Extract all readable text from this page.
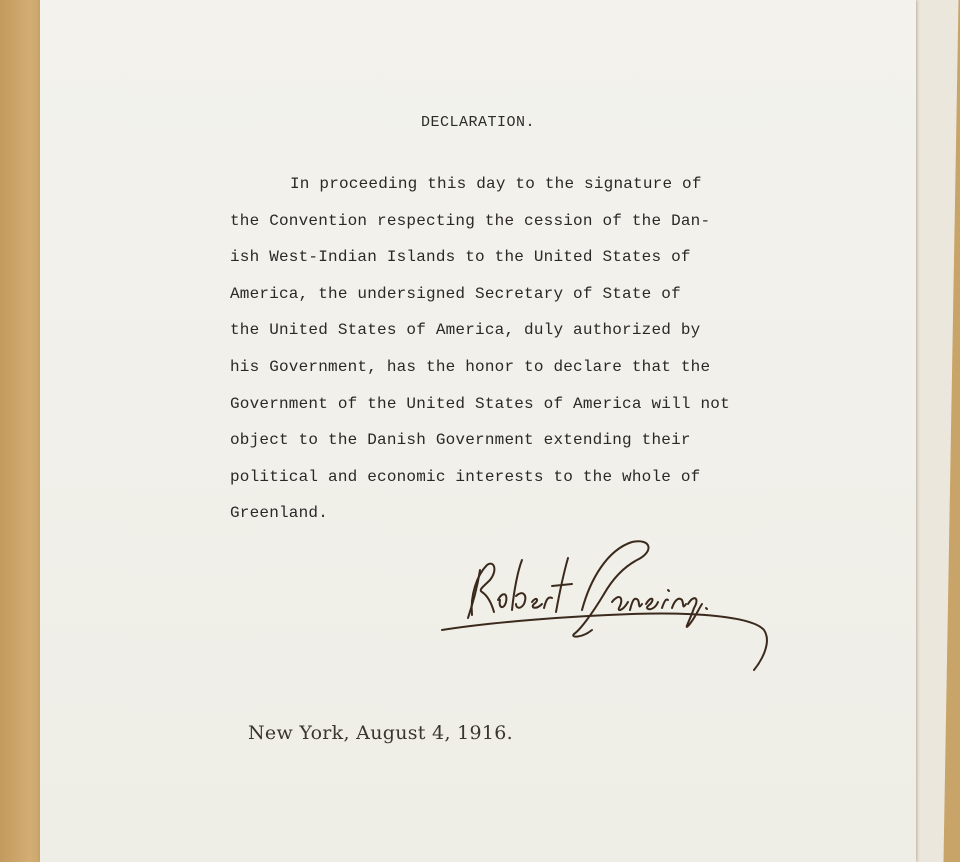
DECLARATION.
In proceeding this day to the signature of
the Convention respecting the cession of the Dan-
ish West-Indian Islands to the United States of
America, the undersigned Secretary of State of
the United States of America, duly authorized by
his Government, has the honor to declare that the
Government of the United States of America will not
object to the Danish Government extending their
political and economic interests to the whole of
Greenland.
New York, August 4, 1916.
